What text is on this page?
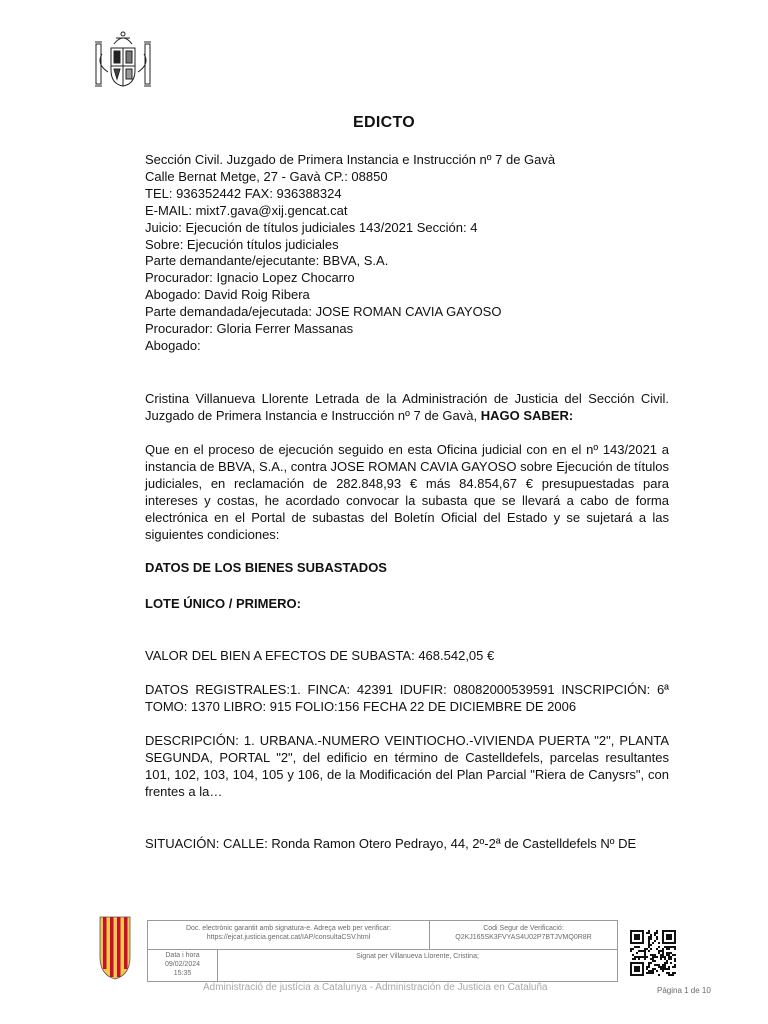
EDICTO
Sección Civil. Juzgado de Primera Instancia e Instrucción nº 7 de Gavà
Calle Bernat Metge, 27 - Gavà CP.: 08850
TEL: 936352442 FAX: 936388324
E-MAIL: mixt7.gava@xij.gencat.cat
Juicio: Ejecución de títulos judiciales 143/2021 Sección: 4
Sobre: Ejecución títulos judiciales
Parte demandante/ejecutante: BBVA, S.A.
Procurador: Ignacio Lopez Chocarro
Abogado: David Roig Ribera
Parte demandada/ejecutada: JOSE ROMAN CAVIA GAYOSO
Procurador: Gloria Ferrer Massanas
Abogado:
Cristina Villanueva Llorente Letrada de la Administración de Justicia del Sección Civil. Juzgado de Primera Instancia e Instrucción nº 7 de Gavà, HAGO SABER:
Que en el proceso de ejecución seguido en esta Oficina judicial con en el nº 143/2021 a instancia de BBVA, S.A., contra JOSE ROMAN CAVIA GAYOSO sobre Ejecución de títulos judiciales, en reclamación de 282.848,93 € más 84.854,67 € presupuestadas para intereses y costas, he acordado convocar la subasta que se llevará a cabo de forma electrónica en el Portal de subastas del Boletín Oficial del Estado y se sujetará a las siguientes condiciones:
DATOS DE LOS BIENES SUBASTADOS
LOTE ÚNICO / PRIMERO:
VALOR DEL BIEN A EFECTOS DE SUBASTA: 468.542,05 €
DATOS REGISTRALES:1. FINCA: 42391 IDUFIR: 08082000539591 INSCRIPCIÓN: 6ª TOMO: 1370 LIBRO: 915 FOLIO:156 FECHA 22 DE DICIEMBRE DE 2006
DESCRIPCIÓN: 1. URBANA.-NUMERO VEINTIOCHO.-VIVIENDA PUERTA "2", PLANTA SEGUNDA, PORTAL "2", del edificio en término de Castelldefels, parcelas resultantes 101, 102, 103, 104, 105 y 106, de la Modificación del Plan Parcial "Riera de Canysrs", con frentes a la…
SITUACIÓN: CALLE: Ronda Ramon Otero Pedrayo, 44, 2º-2ª de Castelldefels Nº DE
Doc. electrònic garantit amb signatura-e. Adreça web per verificar:
https://ejcat.justicia.gencat.cat/IAP/consultaCSV.html
Codi Segur de Verificació:
Q2KJ165SK3FVYAS4U02P7BTJVMQ0R8R
Data i hora
09/02/2024
15:35
Signat per Villanueva Llorente, Cristina;
Administració de justícia a Catalunya - Administración de Justicia en Cataluña	Pàgina 1 de 10
